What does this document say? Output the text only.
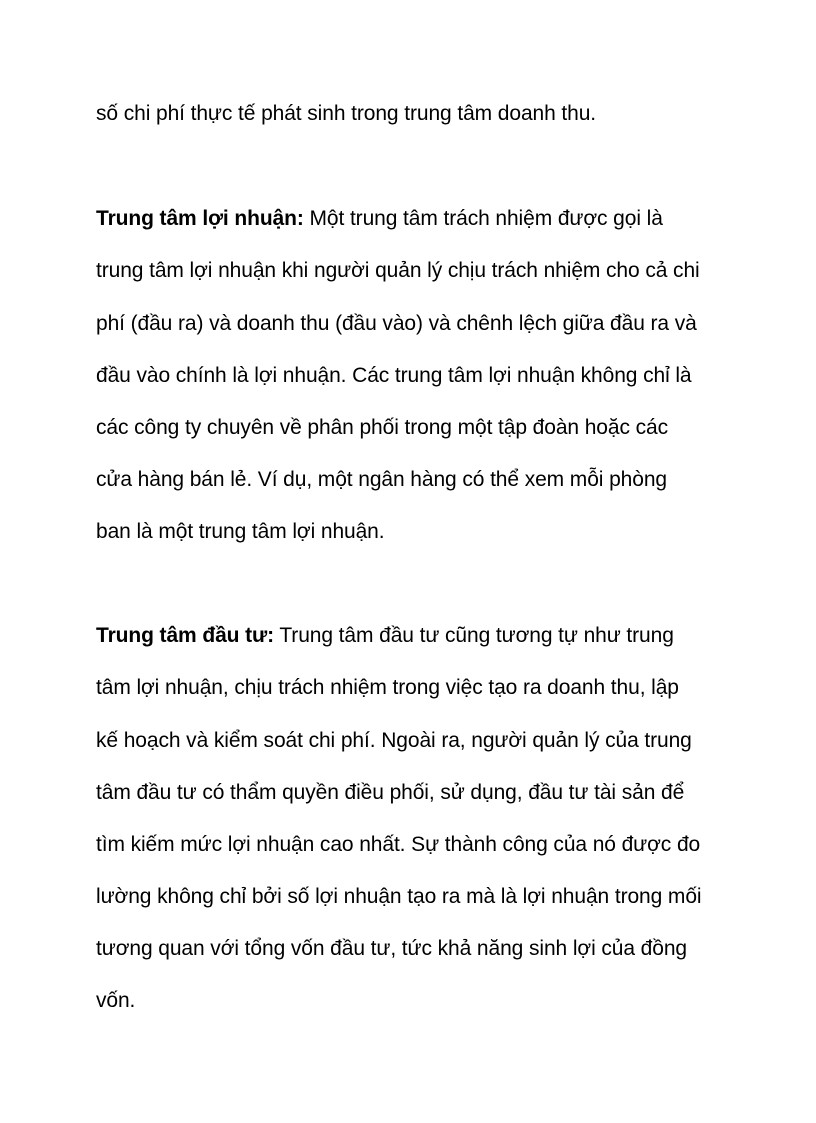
số chi phí thực tế phát sinh trong trung tâm doanh thu.

Trung tâm lợi nhuận: Một trung tâm trách nhiệm được gọi là

trung tâm lợi nhuận khi người quản lý chịu trách nhiệm cho cả chi

phí (đầu ra) và doanh thu (đầu vào) và chênh lệch giữa đầu ra và

đầu vào chính là lợi nhuận. Các trung tâm lợi nhuận không chỉ là

các công ty chuyên về phân phối trong một tập đoàn hoặc các

cửa hàng bán lẻ. Ví dụ, một ngân hàng có thể xem mỗi phòng

ban là một trung tâm lợi nhuận.

Trung tâm đầu tư: Trung tâm đầu tư cũng tương tự như trung

tâm lợi nhuận, chịu trách nhiệm trong việc tạo ra doanh thu, lập

kế hoạch và kiểm soát chi phí. Ngoài ra, người quản lý của trung

tâm đầu tư có thẩm quyền điều phối, sử dụng, đầu tư tài sản để

tìm kiếm mức lợi nhuận cao nhất. Sự thành công của nó được đo

lường không chỉ bởi số lợi nhuận tạo ra mà là lợi nhuận trong mối

tương quan với tổng vốn đầu tư, tức khả năng sinh lợi của đồng

vốn.
